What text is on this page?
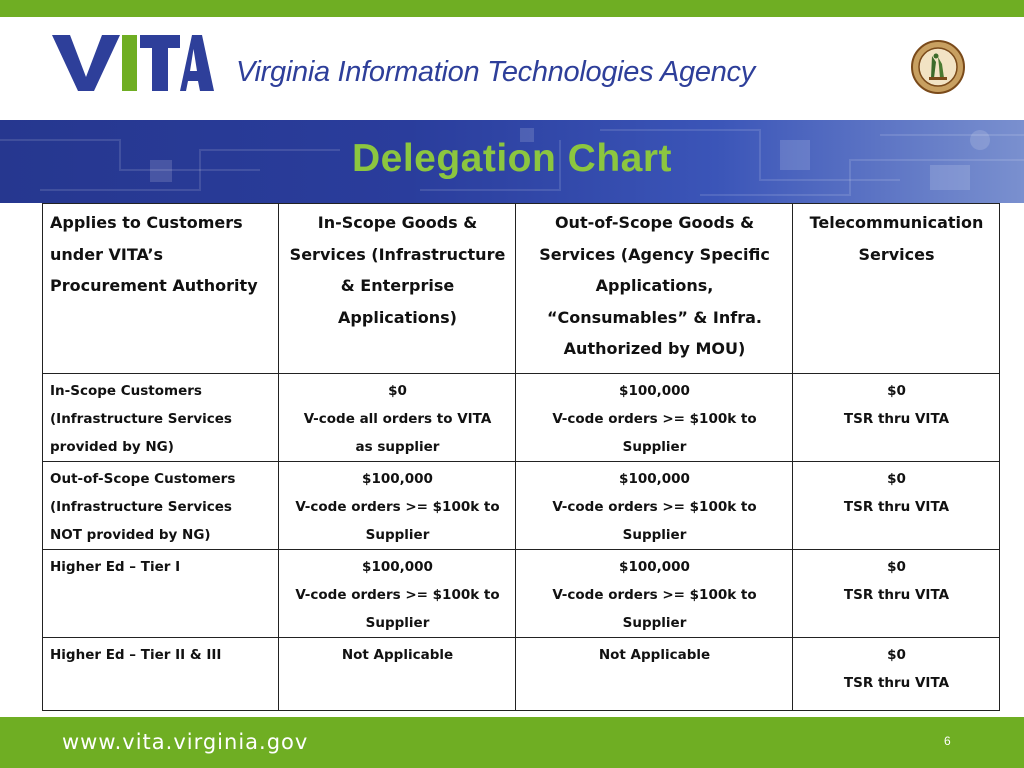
VITA
Virginia Information Technologies Agency
Delegation Chart
Applies to Customers under VITA’s Procurement Authority	In-Scope Goods & Services (Infrastructure & Enterprise Applications)	Out-of-Scope Goods & Services (Agency Specific Applications, “Consumables” & Infra. Authorized by MOU)	Telecommunication Services

In-Scope Customers
(Infrastructure Services
provided by NG)	$0
V-code all orders to VITA
as supplier	$100,000
V-code orders >= $100k to
Supplier	$0
TSR thru VITA

Out-of-Scope Customers
(Infrastructure Services
NOT provided by NG)	$100,000
V-code orders >= $100k to
Supplier	$100,000
V-code orders >= $100k to
Supplier	$0
TSR thru VITA

Higher Ed – Tier I	$100,000
V-code orders >= $100k to
Supplier	$100,000
V-code orders >= $100k to
Supplier	$0
TSR thru VITA

Higher Ed – Tier II & III	Not Applicable	Not Applicable	$0
TSR thru VITA
www.vita.virginia.gov	6
